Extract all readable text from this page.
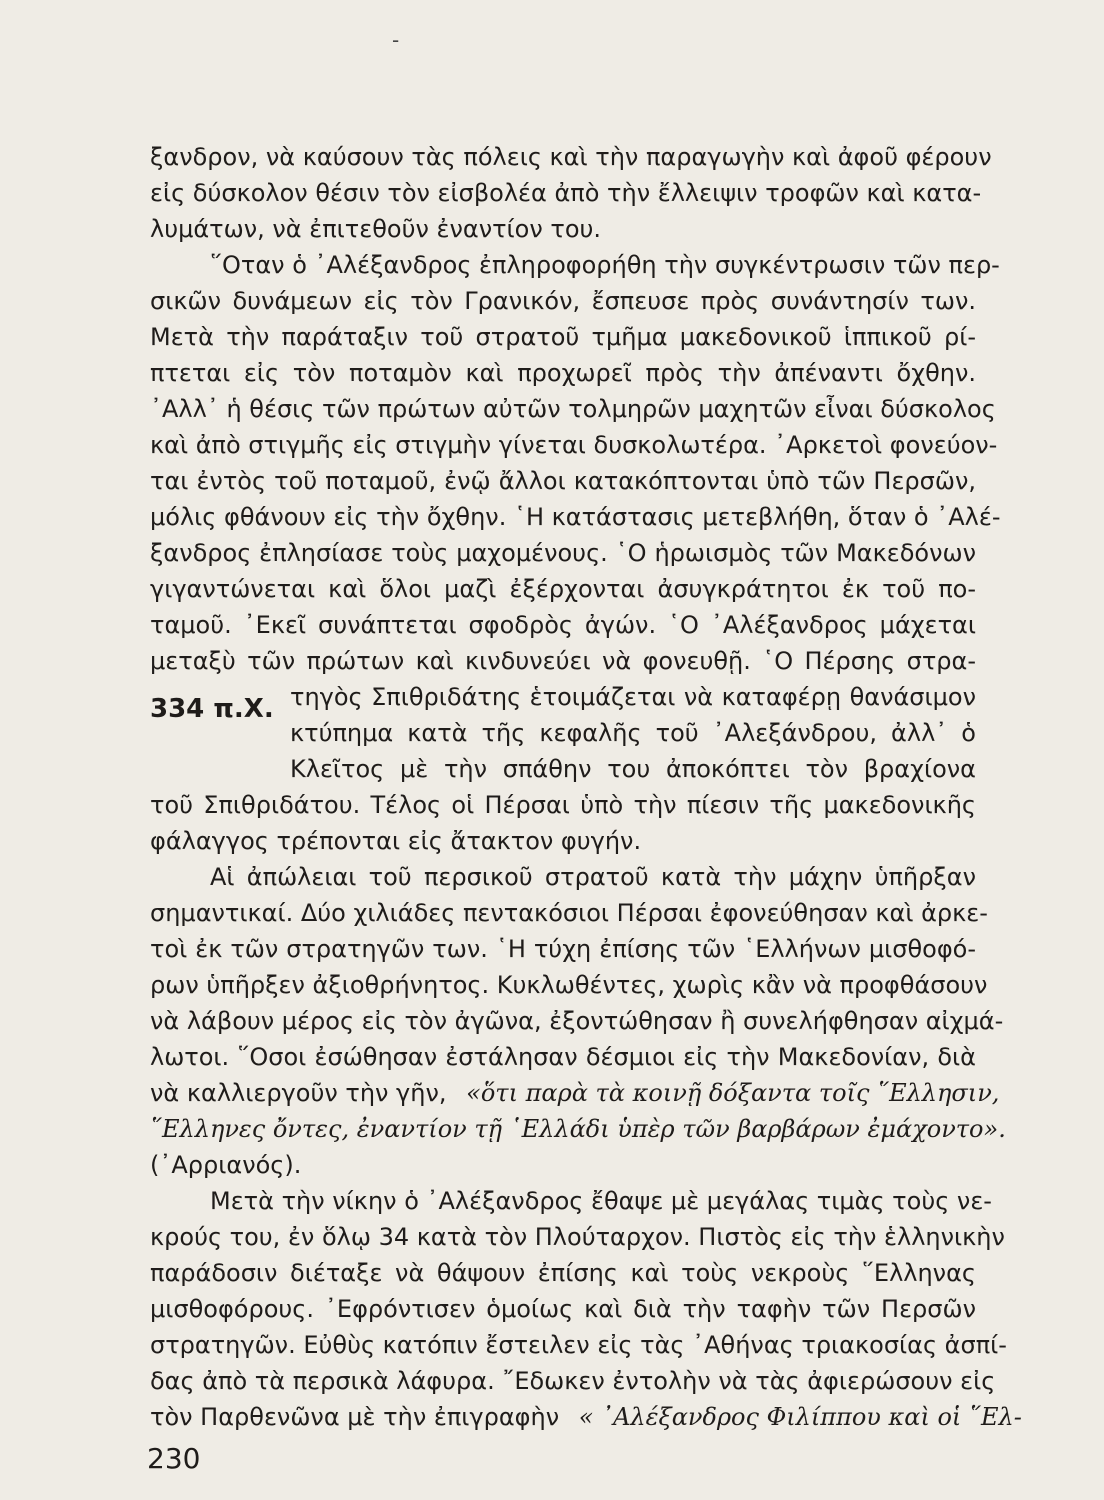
-
ξανδρον, νὰ καύσουν τὰς πόλεις καὶ τὴν παραγωγὴν καὶ ἀφοῦ φέρουν
εἰς δύσκολον θέσιν τὸν εἰσβολέα ἀπὸ τὴν ἔλλειψιν τροφῶν καὶ κατα-
λυμάτων, νὰ ἐπιτεθοῦν ἐναντίον του.
῞Οταν ὁ ᾿Αλέξανδρος ἐπληροφορήθη τὴν συγκέντρωσιν τῶν περ-
σικῶν δυνάμεων εἰς τὸν Γρανικόν, ἔσπευσε πρὸς συνάντησίν των.
Μετὰ τὴν παράταξιν τοῦ στρατοῦ τμῆμα μακεδονικοῦ ἱππικοῦ ρί-
πτεται εἰς τὸν ποταμὸν καὶ προχωρεῖ πρὸς τὴν ἀπέναντι ὄχθην.
᾿Αλλ᾿ ἡ θέσις τῶν πρώτων αὐτῶν τολμηρῶν μαχητῶν εἶναι δύσκολος
καὶ ἀπὸ στιγμῆς εἰς στιγμὴν γίνεται δυσκολωτέρα. ᾿Αρκετοὶ φονεύον-
ται ἐντὸς τοῦ ποταμοῦ, ἐνῷ ἄλλοι κατακόπτονται ὑπὸ τῶν Περσῶν,
μόλις φθάνουν εἰς τὴν ὄχθην. ῾Η κατάστασις μετεβλήθη, ὅταν ὁ ᾿Αλέ-
ξανδρος ἐπλησίασε τοὺς μαχομένους. ῾Ο ἡρωισμὸς τῶν Μακεδόνων
γιγαντώνεται καὶ ὅλοι μαζὶ ἐξέρχονται ἀσυγκράτητοι ἐκ τοῦ πο-
ταμοῦ. ᾿Εκεῖ συνάπτεται σφοδρὸς ἀγών. ῾Ο ᾿Αλέξανδρος μάχεται
μεταξὺ τῶν πρώτων καὶ κινδυνεύει νὰ φονευθῇ. ῾Ο Πέρσης στρα-
334 π.Χ. τηγὸς Σπιθριδάτης ἑτοιμάζεται νὰ καταφέρῃ θανάσιμον
κτύπημα κατὰ τῆς κεφαλῆς τοῦ ᾿Αλεξάνδρου, ἀλλ᾿ ὁ
Κλεῖτος μὲ τὴν σπάθην του ἀποκόπτει τὸν βραχίονα
τοῦ Σπιθριδάτου. Τέλος οἱ Πέρσαι ὑπὸ τὴν πίεσιν τῆς μακεδονικῆς
φάλαγγος τρέπονται εἰς ἄτακτον φυγήν.
Αἱ ἀπώλειαι τοῦ περσικοῦ στρατοῦ κατὰ τὴν μάχην ὑπῆρξαν
σημαντικαί. Δύο χιλιάδες πεντακόσιοι Πέρσαι ἐφονεύθησαν καὶ ἀρκε-
τοὶ ἐκ τῶν στρατηγῶν των. ῾Η τύχη ἐπίσης τῶν ῾Ελλήνων μισθοφό-
ρων ὑπῆρξεν ἀξιοθρήνητος. Κυκλωθέντες, χωρὶς κἂν νὰ προφθάσουν
νὰ λάβουν μέρος εἰς τὸν ἀγῶνα, ἐξοντώθησαν ἢ συνελήφθησαν αἰχμά-
λωτοι. ῞Οσοι ἐσώθησαν ἐστάλησαν δέσμιοι εἰς τὴν Μακεδονίαν, διὰ
νὰ καλλιεργοῦν τὴν γῆν, «ὅτι παρὰ τὰ κοινῇ δόξαντα τοῖς ῞Ελλησιν,
῞Ελληνες ὄντες, ἐναντίον τῇ ῾Ελλάδι ὑπὲρ τῶν βαρβάρων ἐμάχοντο».
(᾿Αρριανός).
Μετὰ τὴν νίκην ὁ ᾿Αλέξανδρος ἔθαψε μὲ μεγάλας τιμὰς τοὺς νε-
κρούς του, ἐν ὅλῳ 34 κατὰ τὸν Πλούταρχον. Πιστὸς εἰς τὴν ἑλληνικὴν
παράδοσιν διέταξε νὰ θάψουν ἐπίσης καὶ τοὺς νεκροὺς ῞Ελληνας
μισθοφόρους. ᾿Εφρόντισεν ὁμοίως καὶ διὰ τὴν ταφὴν τῶν Περσῶν
στρατηγῶν. Εὐθὺς κατόπιν ἔστειλεν εἰς τὰς ᾿Αθήνας τριακοσίας ἀσπί-
δας ἀπὸ τὰ περσικὰ λάφυρα. ῎Εδωκεν ἐντολὴν νὰ τὰς ἀφιερώσουν εἰς
τὸν Παρθενῶνα μὲ τὴν ἐπιγραφὴν « ᾿Αλέξανδρος Φιλίππου καὶ οἱ ῞Ελ-
230
